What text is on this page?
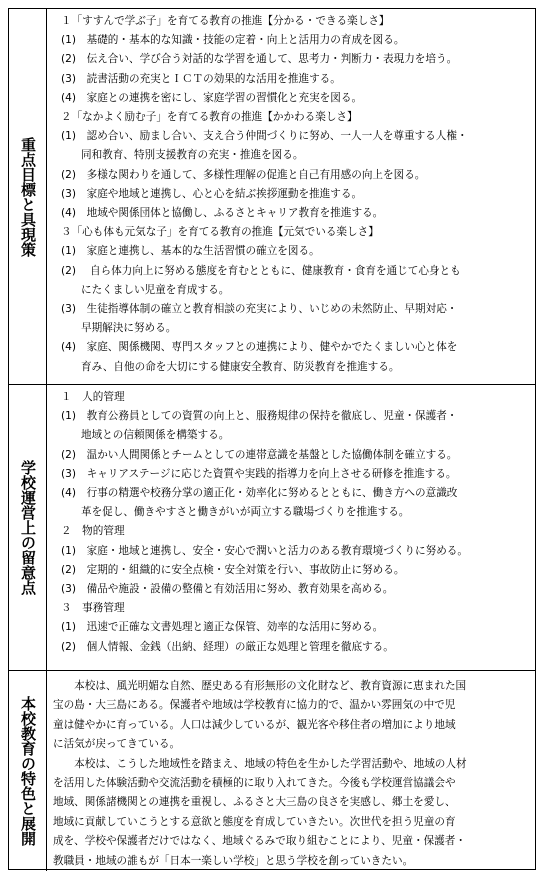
重点目標と具現策
１「すすんで学ぶ子」を育てる教育の推進【分かる・できる楽しさ】
(1)　基礎的・基本的な知識・技能の定着・向上と活用力の育成を図る。
(2)　伝え合い、学び合う対話的な学習を通して、思考力・判断力・表現力を培う。
(3)　読書活動の充実とＩＣＴの効果的な活用を推進する。
(4)　家庭との連携を密にし、家庭学習の習慣化と充実を図る。
２「なかよく励む子」を育てる教育の推進【かかわる楽しさ】
(1)　認め合い、励まし合い、支え合う仲間づくりに努め、一人一人を尊重する人権・
同和教育、特別支援教育の充実・推進を図る。
(2)　多様な関わりを通して、多様性理解の促進と自己有用感の向上を図る。
(3)　家庭や地域と連携し、心と心を結ぶ挨拶運動を推進する。
(4)　地域や関係団体と協働し、ふるさとキャリア教育を推進する。
３「心も体も元気な子」を育てる教育の推進【元気でいる楽しさ】
(1)　家庭と連携し、基本的な生活習慣の確立を図る。
(2)　 自ら体力向上に努める態度を育むとともに、健康教育・食育を通じて心身とも
にたくましい児童を育成する。
(3)　生徒指導体制の確立と教育相談の充実により、いじめの未然防止、早期対応・
早期解決に努める。
(4)　家庭、関係機関、専門スタッフとの連携により、健やかでたくましい心と体を
育み、自他の命を大切にする健康安全教育、防災教育を推進する。
学校運営上の留意点
１　人的管理
(1)　教育公務員としての資質の向上と、服務規律の保持を徹底し、児童・保護者・
地域との信頼関係を構築する。
(2)　温かい人間関係とチームとしての連帯意識を基盤とした協働体制を確立する。
(3)　キャリアステージに応じた資質や実践的指導力を向上させる研修を推進する。
(4)　行事の精選や校務分掌の適正化・効率化に努めるとともに、働き方への意識改
革を促し、働きやすさと働きがいが両立する職場づくりを推進する。
２　物的管理
(1)　家庭・地域と連携し、安全・安心で潤いと活力のある教育環境づくりに努める。
(2)　定期的・組織的に安全点検・安全対策を行い、事故防止に努める。
(3)　備品や施設・設備の整備と有効活用に努め、教育効果を高める。
３　事務管理
(1)　迅速で正確な文書処理と適正な保管、効率的な活用に努める。
(2)　個人情報、金銭（出納、経理）の厳正な処理と管理を徹底する。
本校教育の特色と展開
　　本校は、風光明媚な自然、歴史ある有形無形の文化財など、教育資源に恵まれた国
宝の島・大三島にある。保護者や地域は学校教育に協力的で、温かい雰囲気の中で児
童は健やかに育っている。人口は減少しているが、観光客や移住者の増加により地域
に活気が戻ってきている。
　　本校は、こうした地域性を踏まえ、地域の特色を生かした学習活動や、地域の人材
を活用した体験活動や交流活動を積極的に取り入れてきた。今後も学校運営協議会や
地域、関係諸機関との連携を重視し、ふるさと大三島の良さを実感し、郷土を愛し、
地域に貢献していこうとする意欲と態度を育成していきたい。次世代を担う児童の育
成を、学校や保護者だけではなく、地域ぐるみで取り組むことにより、児童・保護者・
教職員・地域の誰もが「日本一楽しい学校」と思う学校を創っていきたい。
